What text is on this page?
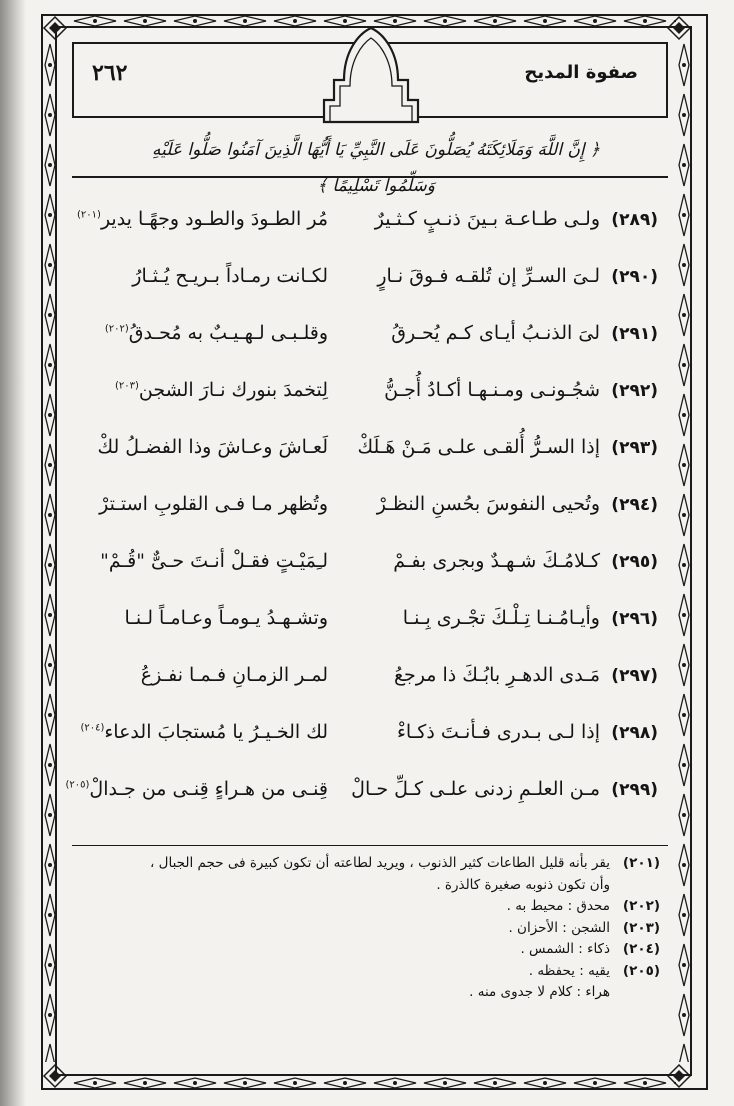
٢٦٢	صفوة المديح
﴿ إِنَّ اللَّهَ وَمَلَائِكَتَهُ يُصَلُّونَ عَلَى النَّبِيِّ يَا أَيُّهَا الَّذِينَ آمَنُوا صَلُّوا عَلَيْهِ وَسَلِّمُوا تَسْلِيمًا ﴾
(٢٨٩)
ولـى طـاعـة بـينَ ذنـبٍ كـثـيرٌ
مُر الطـودَ والطـود وجهًـا يدير$^{(٢٠١)}$
(٢٩٠)
لـىَ السـرِّ إن تُلقـه فـوقَ نـارٍ
لكـانت رمـاداً بـريـح يُـثـارُ
(٢٩١)
لىَ الذنـبُ أيـاى كـم يُحـرقُ
وقلـبـى لـهـيـبٌ به مُحـدقُ$^{(٢٠٢)}$
(٢٩٢)
شجُـونـى ومـنـهـا أكـادُ أُجـنُّ
لِتخمدَ بنورك نـارَ الشجن$^{(٢٠٣)}$
(٢٩٣)
إذا السـرُّ أُلقـى علـى مَـنْ هَـلَكْ
لَعـاشَ وعـاشَ وذا الفضـلُ لكْ
(٢٩٤)
وتُحيى النفوسَ بحُسنِ النظـرْ
وتُظهر مـا فـى القلوبِ استـترْ
(٢٩٥)
كـلامُـكَ شـهـدٌ وبجرى بفـمْ
لـِمَيْـتٍ فقـلْ أنـتَ حـىٌّ "قُـمْ"
(٢٩٦)
وأيـامُـنـا تِـلْـكَ تجْـرى بِـنـا
وتشـهـدُ يـومـاً وعـامـاً لـنـا
(٢٩٧)
مَـدى الدهـرِ بابُـكَ ذا مرجعُ
لمـر الزمـانِ فـمـا نفـزعُ
(٢٩٨)
إذا لـى بـدرى فـأنـتَ ذكـاءْ
لك الخـيـرُ يا مُستجابَ الدعاء$^{(٢٠٤)}$
(٢٩٩)
مـن العلـمِ زدنى علـى كـلِّ حـالْ
قِنـى من هـراءٍ قِنـى من جـدالْ$^{(٢٠٥)}$
(٢٠١)يقر بأنه قليل الطاعات كثير الذنوب ، ويريد لطاعته أن تكون كبيرة فى حجم الجبال ،
وأن تكون ذنوبه صغيرة كالذرة .
(٢٠٢)محدق : محيط به .
(٢٠٣)الشجن : الأحزان .
(٢٠٤)ذكاء : الشمس .
(٢٠٥)يقيه : يحفظه .
هراء : كلام لا جدوى منه .
